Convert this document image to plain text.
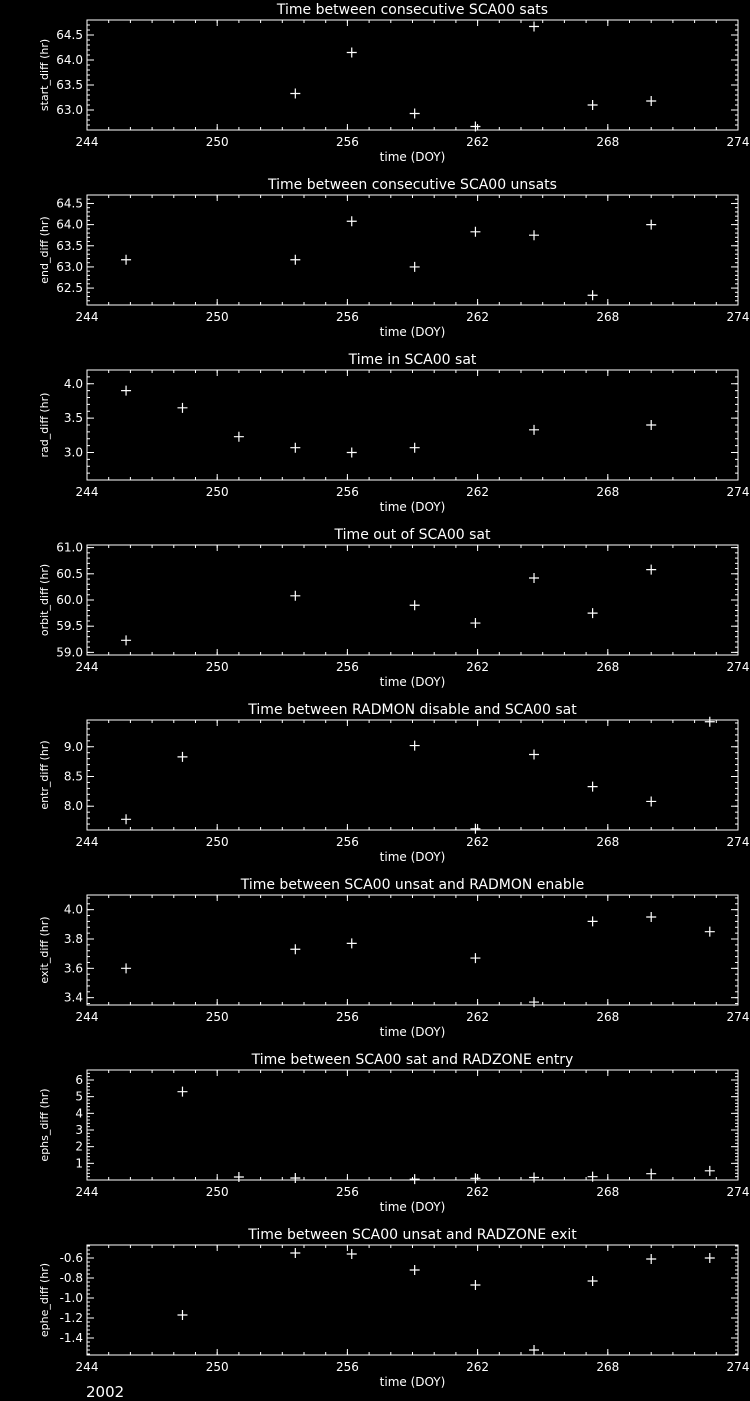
Time between consecutive SCA00 sats
244	250	256	262	268	274
63.0
63.5
64.0
64.5
time (DOY)
start_diff (hr)
Time between consecutive SCA00 unsats
244	250	256	262	268	274
62.5
63.0
63.5
64.0
64.5
time (DOY)
end_diff (hr)
Time in SCA00 sat
244	250	256	262	268	274
3.0
3.5
4.0
time (DOY)
rad_diff (hr)
Time out of SCA00 sat
244	250	256	262	268	274
59.0
59.5
60.0
60.5
61.0
time (DOY)
orbit_diff (hr)
Time between RADMON disable and SCA00 sat
244	250	256	262	268	274
8.0
8.5
9.0
time (DOY)
entr_diff (hr)
Time between SCA00 unsat and RADMON enable
244	250	256	262	268	274
3.4
3.6
3.8
4.0
time (DOY)
exit_diff (hr)
Time between SCA00 sat and RADZONE entry
244	250	256	262	268	274
1
2
3
4
5
6
time (DOY)
ephs_diff (hr)
Time between SCA00 unsat and RADZONE exit
244	250	256	262	268	274
-1.4
-1.2
-1.0
-0.8
-0.6
time (DOY)
ephe_diff (hr)
2002
